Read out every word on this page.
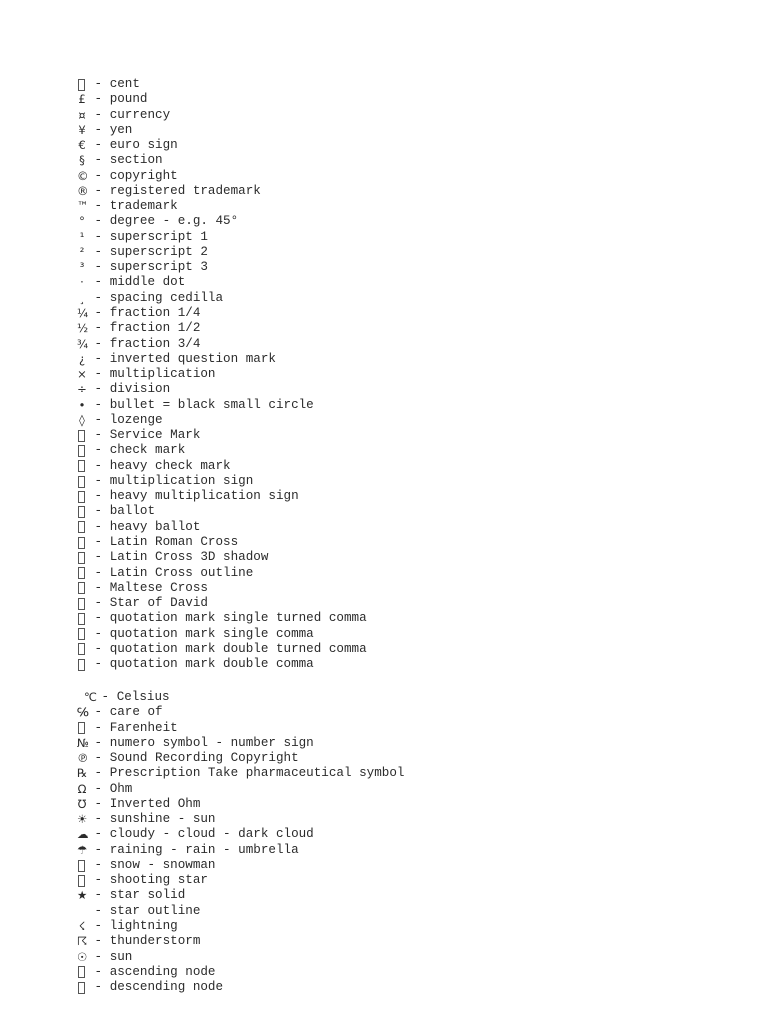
- cent
£ - pound
¤ - currency
¥ - yen
€ - euro sign
§ - section
©
- copyright
®
- registered trademark
™
- trademark
° - degree - e.g. 45°
¹ - superscript 1
² - superscript 2
³ - superscript 3
· - middle dot
¸ - spacing cedilla
¼
- fraction 1/4
½
- fraction 1/2
¾
- fraction 3/4
¿ - inverted question mark
× - multiplication
÷ - division
• - bullet = black small circle
◊ - lozenge
- Service Mark
- check mark
- heavy check mark
- multiplication sign
- heavy multiplication sign
- ballot
- heavy ballot
- Latin Roman Cross
- Latin Cross 3D shadow
- Latin Cross outline
- Maltese Cross
- Star of David
- quotation mark single turned comma
- quotation mark single comma
- quotation mark double turned comma
- quotation mark double comma
℃
- Celsius
℅
- care of
- Farenheit
№
- numero symbol - number sign
℗
- Sound Recording Copyright
℞ - Prescription Take pharmaceutical symbol
Ω - Ohm
℧ - Inverted Ohm
☀ - sunshine - sun
☁
- cloudy - cloud - dark cloud
☂ - raining - rain - umbrella
- snow - snowman
- shooting star
★ - star solid
- star outline
☇ - lightning
☈ - thunderstorm
☉ - sun
- ascending node
- descending node
